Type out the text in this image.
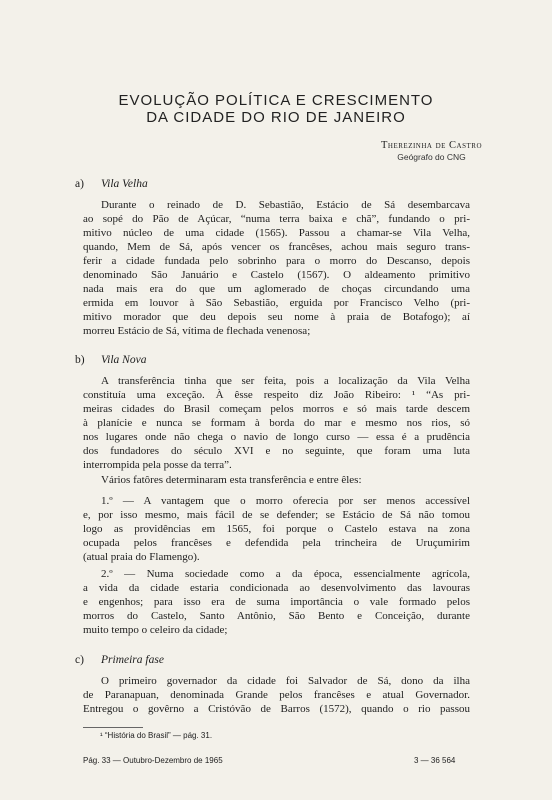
EVOLUÇÃO POLÍTICA E CRESCIMENTO
DA CIDADE DO RIO DE JANEIRO
Therezinha de Castro
Geógrafo do CNG
a) Vila Velha
Durante o reinado de D. Sebastião, Estácio de Sá desembarcava
ao sopé do Pão de Açúcar, “numa terra baixa e chã”, fundando o pri-
mitivo núcleo de uma cidade (1565). Passou a chamar-se Vila Velha,
quando, Mem de Sá, após vencer os francêses, achou mais seguro trans-
ferir a cidade fundada pelo sobrinho para o morro do Descanso, depois
denominado São Januário e Castelo (1567). O aldeamento primitivo
nada mais era do que um aglomerado de choças circundando uma
ermida em louvor à São Sebastião, erguida por Francisco Velho (pri-
mitivo morador que deu depois seu nome à praia de Botafogo); aí
morreu Estácio de Sá, vítima de flechada venenosa;
b) Vila Nova
A transferência tinha que ser feita, pois a localização da Vila Velha
constituía uma exceção. À êsse respeito diz João Ribeiro: ¹ “As pri-
meiras cidades do Brasil começam pelos morros e só mais tarde descem
à planície e nunca se formam à borda do mar e mesmo nos rios, só
nos lugares onde não chega o navio de longo curso — essa é a prudência
dos fundadores do século XVI e no seguinte, que foram uma luta
interrompida pela posse da terra”.
Vários fatôres determinaram esta transferência e entre êles:
1.º — A vantagem que o morro oferecia por ser menos accessível
e, por isso mesmo, mais fácil de se defender; se Estácio de Sá não tomou
logo as providências em 1565, foi porque o Castelo estava na zona
ocupada pelos francêses e defendida pela trincheira de Uruçumirim
(atual praia do Flamengo).
2.º — Numa sociedade como a da época, essencialmente agrícola,
a vida da cidade estaria condicionada ao desenvolvimento das lavouras
e engenhos; para isso era de suma importância o vale formado pelos
morros do Castelo, Santo Antônio, São Bento e Conceição, durante
muito tempo o celeiro da cidade;
c) Primeira fase
O primeiro governador da cidade foi Salvador de Sá, dono da ilha
de Paranapuan, denominada Grande pelos francêses e atual Governador.
Entregou o govêrno a Cristóvão de Barros (1572), quando o rio passou
¹ “História do Brasil” — pág. 31.
Pág. 33 — Outubro-Dezembro de 1965	3 — 36 564
